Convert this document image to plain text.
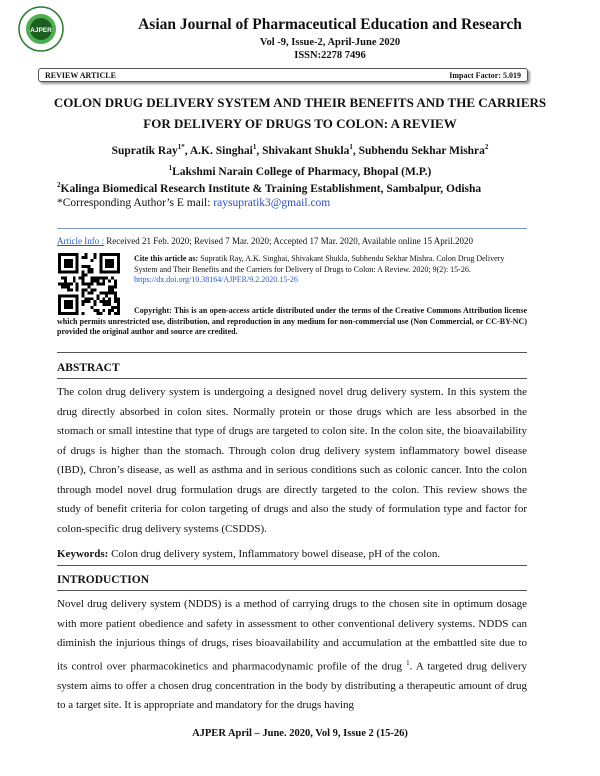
AJPER	Asian Journal of Pharmaceutical Education and Research
Vol -9, Issue-2, April-June 2020
ISSN:2278 7496
REVIEW ARTICLE	Impact Factor: 5.019
COLON DRUG DELIVERY SYSTEM AND THEIR BENEFITS AND THE CARRIERS FOR DELIVERY OF DRUGS TO COLON: A REVIEW
Supratik Ray$^{1*}$, A.K. Singhai$^1$, Shivakant Shukla$^1$, Subhendu Sekhar Mishra$^2$
$^1$Lakshmi Narain College of Pharmacy, Bhopal (M.P.)
$^2$Kalinga Biomedical Research Institute & Training Establishment, Sambalpur, Odisha
*Corresponding Author’s E mail: raysupratik3@gmail.com
Article Info : Received 21 Feb. 2020; Revised 7 Mar. 2020; Accepted 17 Mar. 2020, Available online 15 April.2020
Cite this article as: Supratik Ray, A.K. Singhai, Shivakant Shukla, Subhendu Sekhar Mishra. Colon Drug Delivery System and Their Benefits and the Carriers for Delivery of Drugs to Colon: A Review. 2020; 9(2): 15-26.
https://dx.doi.org/10.38164/AJPER/9.2.2020.15-26
Copyright: This is an open-access article distributed under the terms of the Creative Commons Attribution license which permits unrestricted use, distribution, and reproduction in any medium for non-commercial use (Non Commercial, or CC-BY-NC) provided the original author and source are credited.
ABSTRACT
The colon drug delivery system is undergoing a designed novel drug delivery system. In this system the drug directly absorbed in colon sites. Normally protein or those drugs which are less absorbed in the stomach or small intestine that type of drugs are targeted to colon site. In the colon site, the bioavailability of drugs is higher than the stomach. Through colon drug delivery system inflammatory bowel disease (IBD), Chron’s disease, as well as asthma and in serious conditions such as colonic cancer. Into the colon through model novel drug formulation drugs are directly targeted to the colon. This review shows the study of benefit criteria for colon targeting of drugs and also the study of formulation type and factor for colon-specific drug delivery systems (CSDDS).
Keywords: Colon drug delivery system, Inflammatory bowel disease, pH of the colon.
INTRODUCTION
Novel drug delivery system (NDDS) is a method of carrying drugs to the chosen site in optimum dosage with more patient obedience and safety in assessment to other conventional delivery systems. NDDS can diminish the injurious things of drugs, rises bioavailability and accumulation at the embattled site due to its control over pharmacokinetics and pharmacodynamic profile of the drug $^1$. A targeted drug delivery system aims to offer a chosen drug concentration in the body by distributing a therapeutic amount of drug to a target site. It is appropriate and mandatory for the drugs having
AJPER April – June. 2020, Vol 9, Issue 2 (15-26)
